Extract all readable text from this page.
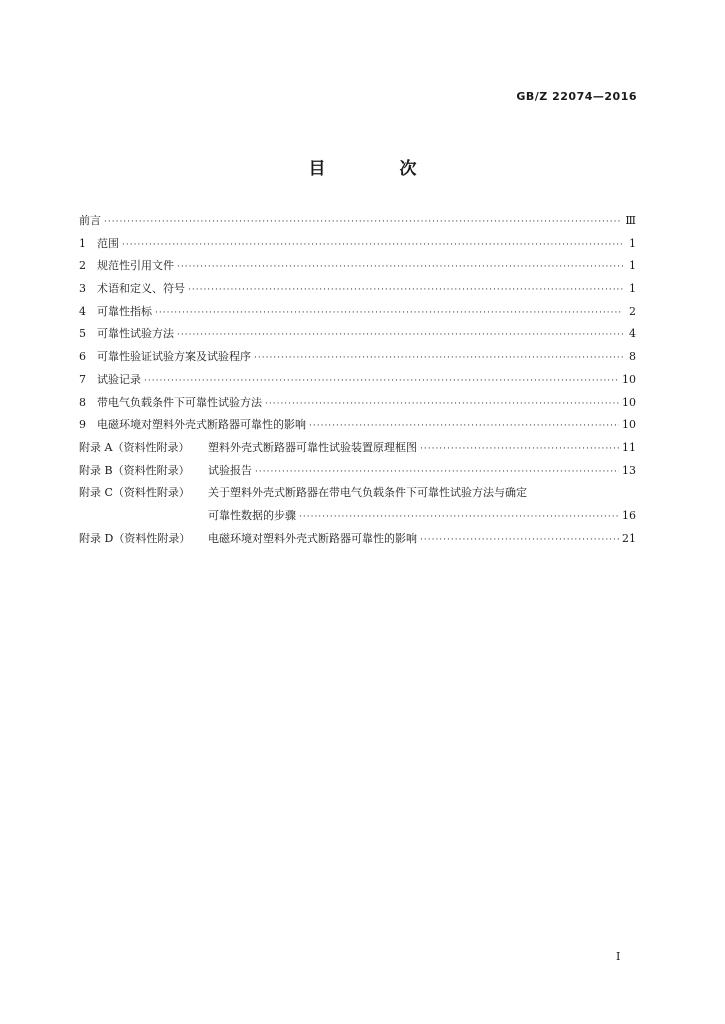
GB/Z 22074—2016
目 次
前言 ·····	Ⅲ
1	范围 ·····	1
2	规范性引用文件 ·····	1
3	术语和定义、符号 ·····	1
4	可靠性指标 ·····	2
5	可靠性试验方法 ·····	4
6	可靠性验证试验方案及试验程序 ·····	8
7	试验记录 ·····	10
8	带电气负载条件下可靠性试验方法 ·····	10
9	电磁环境对塑料外壳式断路器可靠性的影响 ·····	10
附录 A（资料性附录）	塑料外壳式断路器可靠性试验装置原理框图 ·····	11
附录 B（资料性附录）	试验报告 ·····	13
附录 C（资料性附录）	关于塑料外壳式断路器在带电气负载条件下可靠性试验方法与确定
可靠性数据的步骤 ·····	16
附录 D（资料性附录）	电磁环境对塑料外壳式断路器可靠性的影响 ·····	21
I
